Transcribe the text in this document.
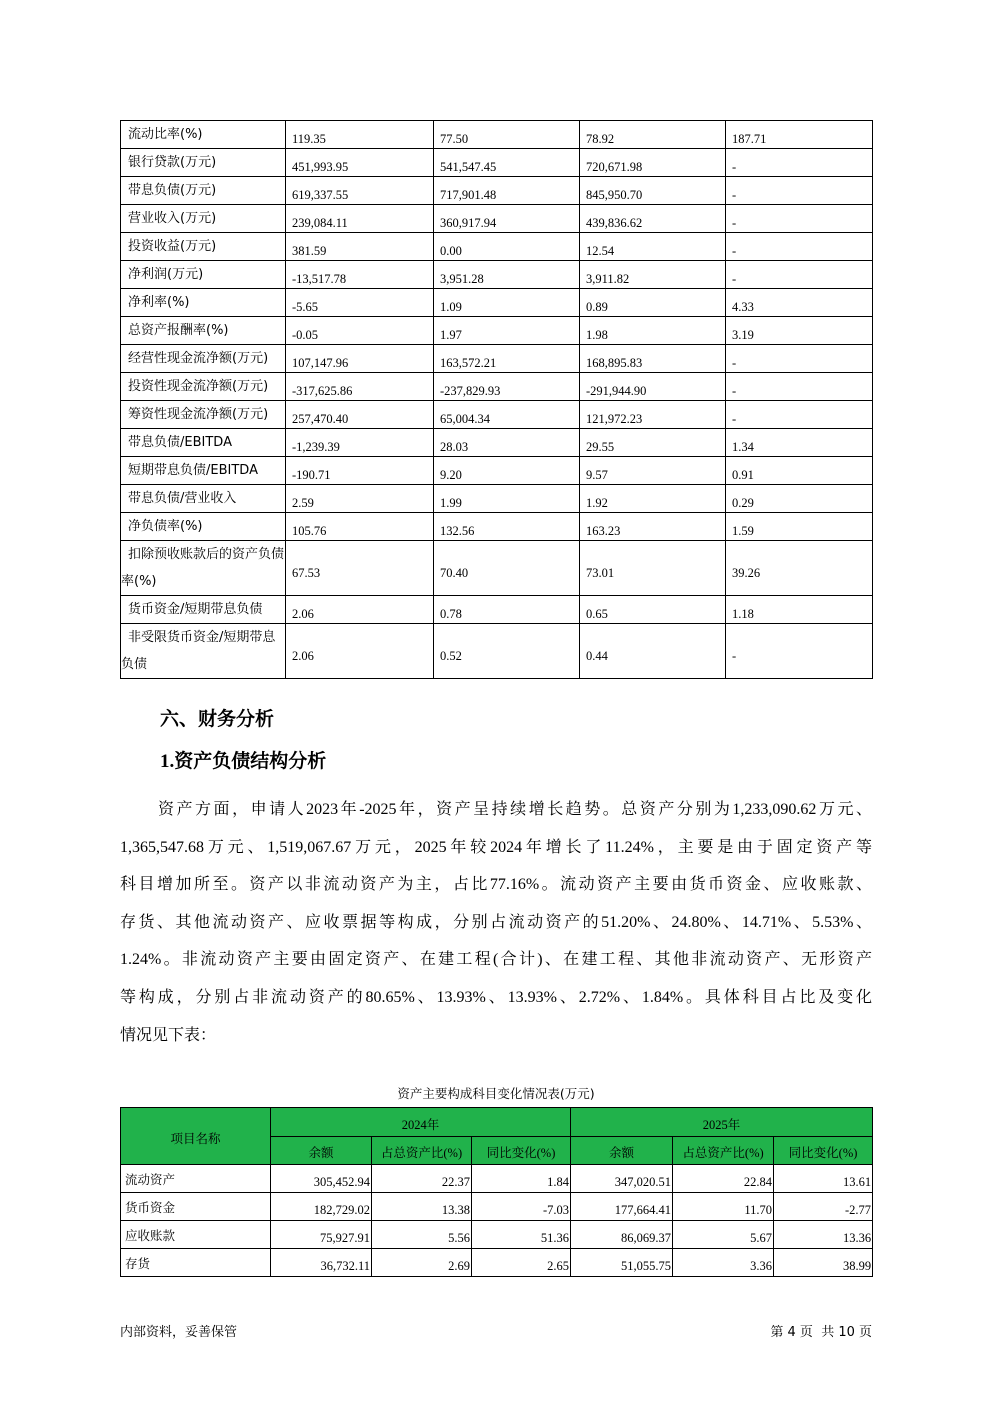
流动比率(%)	119.35	77.50	78.92	187.71
银行贷款(万元)	451,993.95	541,547.45	720,671.98	-
带息负债(万元)	619,337.55	717,901.48	845,950.70	-
营业收入(万元)	239,084.11	360,917.94	439,836.62	-
投资收益(万元)	381.59	0.00	12.54	-
净利润(万元)	-13,517.78	3,951.28	3,911.82	-
净利率(%)	-5.65	1.09	0.89	4.33
总资产报酬率(%)	-0.05	1.97	1.98	3.19
经营性现金流净额(万元)	107,147.96	163,572.21	168,895.83	-
投资性现金流净额(万元)	-317,625.86	-237,829.93	-291,944.90	-
筹资性现金流净额(万元)	257,470.40	65,004.34	121,972.23	-
带息负债/EBITDA	-1,239.39	28.03	29.55	1.34
短期带息负债/EBITDA	-190.71	9.20	9.57	0.91
带息负债/营业收入	2.59	1.99	1.92	0.29
净负债率(%)	105.76	132.56	163.23	1.59
扣除预收账款后的资产负债率(%)	67.53	70.40	73.01	39.26
货币资金/短期带息负债	2.06	0.78	0.65	1.18
非受限货币资金/短期带息负债	2.06	0.52	0.44	-
六、财务分析
1.资产负债结构分析
资产方面，申请人2023年-2025年，资产呈持续增长趋势。总资产分别为1,233,090.62万元、
1,365,547.68万元、1,519,067.67万元，2025年较2024年增长了11.24%，主要是由于固定资产等
科目增加所至。资产以非流动资产为主，占比77.16%。流动资产主要由货币资金、应收账款、
存货、其他流动资产、应收票据等构成，分别占流动资产的51.20%、24.80%、14.71%、5.53%、
1.24%。非流动资产主要由固定资产、在建工程(合计)、在建工程、其他非流动资产、无形资产
等构成，分别占非流动资产的80.65%、13.93%、13.93%、2.72%、1.84%。具体科目占比及变化
情况见下表：
资产主要构成科目变化情况表(万元)
项目名称	2024年			2025年		
	余额	占总资产比(%)	同比变化(%)	余额	占总资产比(%)	同比变化(%)
流动资产	305,452.94	22.37	1.84	347,020.51	22.84	13.61
货币资金	182,729.02	13.38	-7.03	177,664.41	11.70	-2.77
应收账款	75,927.91	5.56	51.36	86,069.37	5.67	13.36
存货	36,732.11	2.69	2.65	51,055.75	3.36	38.99
内部资料，妥善保管	第 4 页  共 10 页
